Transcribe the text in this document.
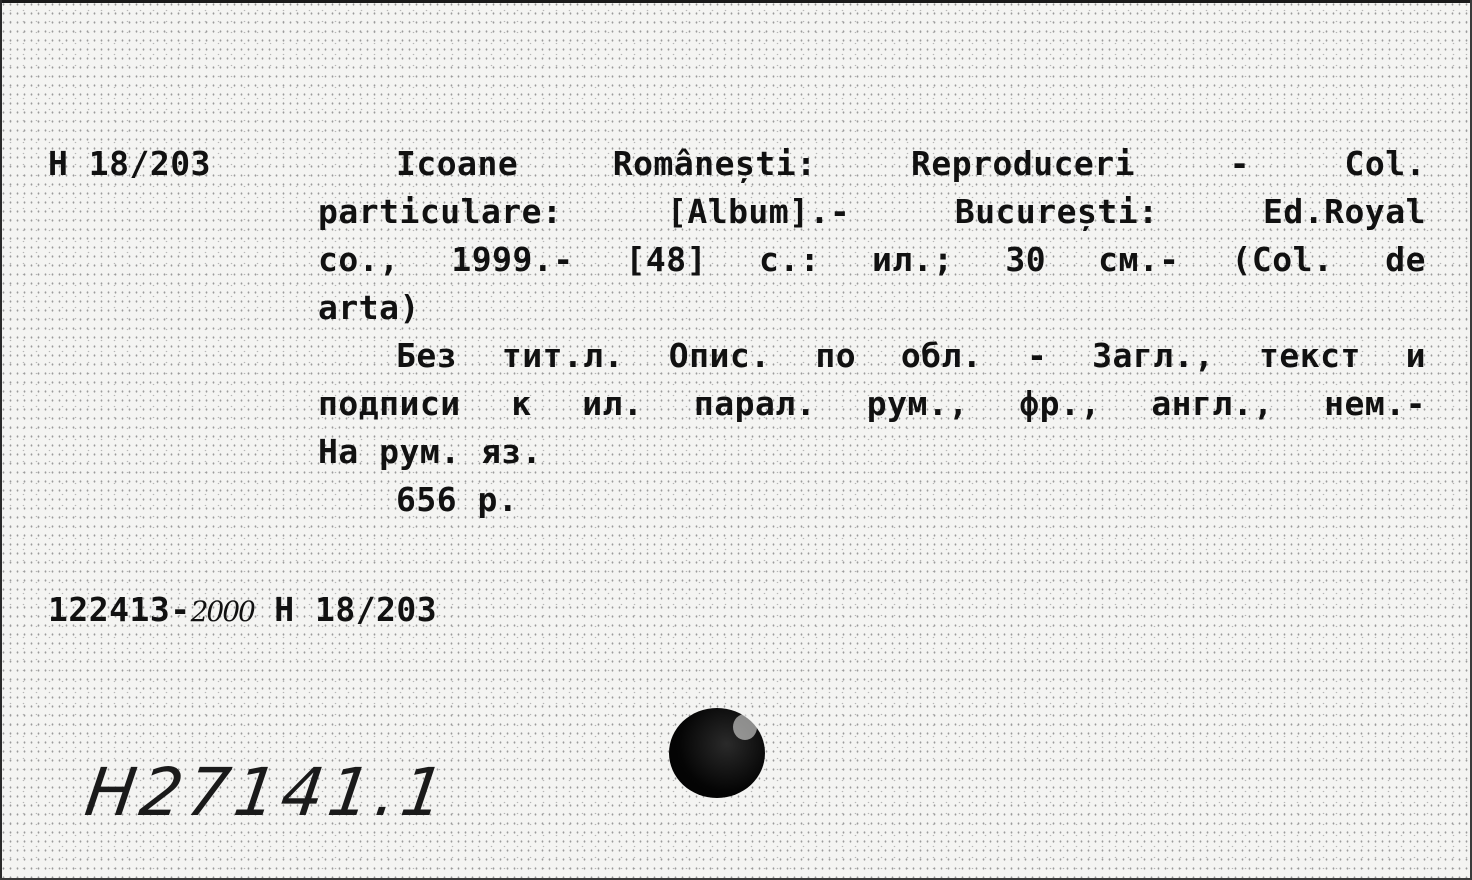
Н 18/203	Icoane Românești: Reproduceri - Col.
particulare: [Album].- București: Ed.Royal
co., 1999.- [48] с.: ил.; 30 см.- (Col. de
arta)
Без тит.л. Опис. по обл. - Загл., текст и
подписи к ил. парал. рум., фр., англ., нем.-
На рум. яз.
656 р.
122413-2000 Н 18/203
Н27141.1
